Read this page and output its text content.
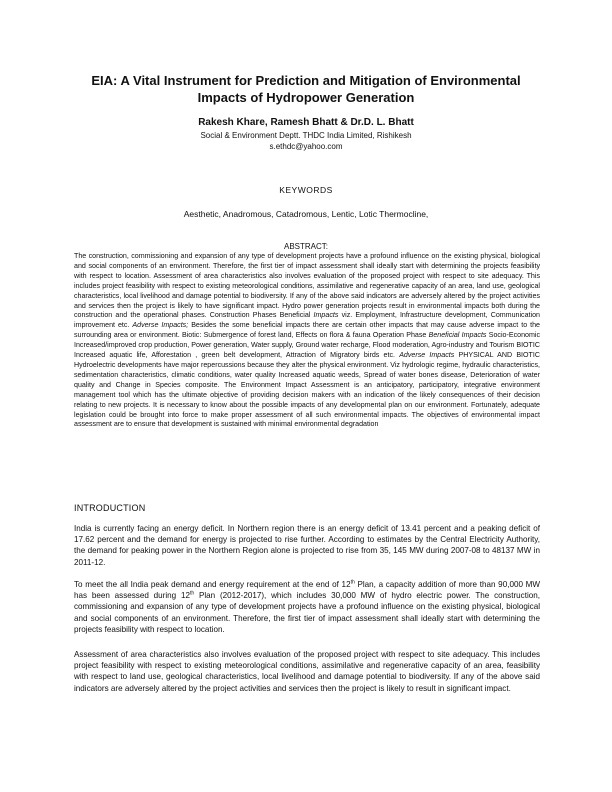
EIA: A Vital Instrument for Prediction and Mitigation of Environmental
Impacts of Hydropower Generation
Rakesh Khare, Ramesh Bhatt & Dr.D. L. Bhatt
Social & Environment Deptt. THDC India Limited, Rishikesh
s.ethdc@yahoo.com
KEYWORDS
Aesthetic, Anadromous, Catadromous, Lentic, Lotic Thermocline,
ABSTRACT:
The construction, commissioning and expansion of any type of development projects have a profound influence on the existing physical, biological and social components of an environment. Therefore, the first tier of impact assessment shall ideally start with determining the projects feasibility with respect to location. Assessment of area characteristics also involves evaluation of the proposed project with respect to site adequacy. This includes project feasibility with respect to existing meteorological conditions, assimilative and regenerative capacity of an area, land use, geological characteristics, local livelihood and damage potential to biodiversity. If any of the above said indicators are adversely altered by the project activities and services then the project is likely to have significant impact. Hydro power generation projects result in environmental impacts both during the construction and the operational phases. Construction Phases Beneficial Impacts viz. Employment, Infrastructure development, Communication improvement etc. Adverse Impacts; Besides the some beneficial impacts there are certain other impacts that may cause adverse impact to the surrounding area or environment. Biotic: Submergence of forest land, Effects on flora & fauna Operation Phase Beneficial Impacts Socio-Economic Increased/improved crop production, Power generation, Water supply, Ground water recharge, Flood moderation, Agro-industry and Tourism BIOTIC Increased aquatic life, Afforestation , green belt development, Attraction of Migratory birds etc. Adverse Impacts PHYSICAL AND BIOTIC Hydroelectric developments have major repercussions because they alter the physical environment. Viz hydrologic regime, hydraulic characteristics, sedimentation characteristics, climatic conditions, water quality Increased aquatic weeds, Spread of water bones disease, Deterioration of water quality and Change in Species composite. The Environment Impact Assessment is an anticipatory, participatory, integrative environment management tool which has the ultimate objective of providing decision makers with an indication of the likely consequences of their decision relating to new projects. It is necessary to know about the possible impacts of any developmental plan on our environment. Fortunately, adequate legislation could be brought into force to make proper assessment of all such environmental impacts. The objectives of environmental impact assessment are to ensure that development is sustained with minimal environmental degradation
INTRODUCTION
India is currently facing an energy deficit. In Northern region there is an energy deficit of 13.41 percent and a peaking deficit of 17.62 percent and the demand for energy is projected to rise further. According to estimates by the Central Electricity Authority, the demand for peaking power in the Northern Region alone is projected to rise from 35, 145 MW during 2007-08 to 48137 MW in 2011-12.
To meet the all India peak demand and energy requirement at the end of 12th Plan, a capacity addition of more than 90,000 MW has been assessed during 12th Plan (2012-2017), which includes 30,000 MW of hydro electric power. The construction, commissioning and expansion of any type of development projects have a profound influence on the existing physical, biological and social components of an environment. Therefore, the first tier of impact assessment shall ideally start with determining the projects feasibility with respect to location.
Assessment of area characteristics also involves evaluation of the proposed project with respect to site adequacy. This includes project feasibility with respect to existing meteorological conditions, assimilative and regenerative capacity of an area, feasibility with respect to land use, geological characteristics, local livelihood and damage potential to biodiversity. If any of the above said indicators are adversely altered by the project activities and services then the project is likely to result in significant impact.
